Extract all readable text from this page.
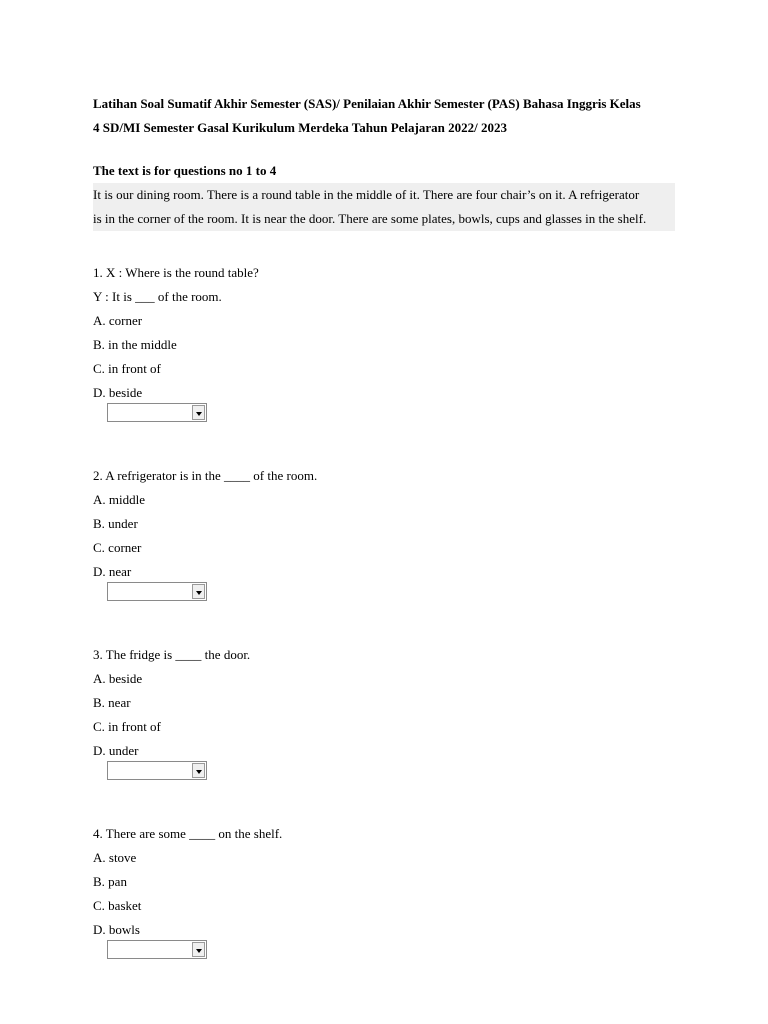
Latihan Soal Sumatif Akhir Semester (SAS)/ Penilaian Akhir Semester (PAS) Bahasa Inggris Kelas

4 SD/MI Semester Gasal Kurikulum Merdeka Tahun Pelajaran 2022/ 2023

The text is for questions no 1 to 4

It is our dining room. There is a round table in the middle of it. There are four chair’s on it. A refrigerator
is in the corner of the room. It is near the door. There are some plates, bowls, cups and glasses in the shelf.

1. X : Where is the round table?

Y : It is ___ of the room.

A. corner

B. in the middle

C. in front of

D. beside

2. A refrigerator is in the ____ of the room.

A. middle

B. under

C. corner

D. near

3. The fridge is ____ the door.

A. beside

B. near

C. in front of

D. under

4. There are some ____ on the shelf.

A. stove

B. pan

C. basket

D. bowls
